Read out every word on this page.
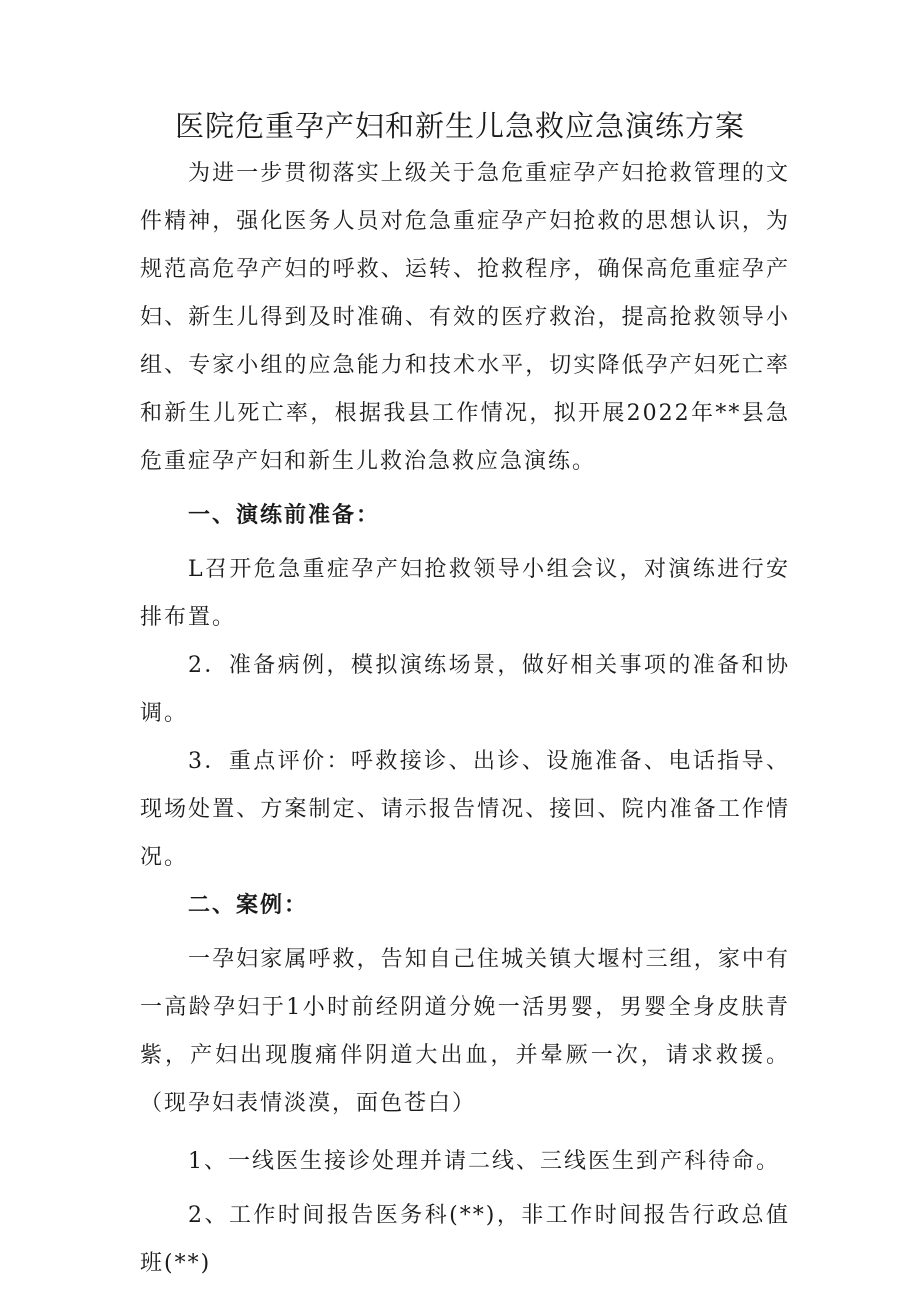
医院危重孕产妇和新生儿急救应急演练方案

为进一步贯彻落实上级关于急危重症孕产妇抢救管理的文件精神，强化医务人员对危急重症孕产妇抢救的思想认识，为规范高危孕产妇的呼救、运转、抢救程序，确保高危重症孕产妇、新生儿得到及时准确、有效的医疗救治，提高抢救领导小组、专家小组的应急能力和技术水平，切实降低孕产妇死亡率和新生儿死亡率，根据我县工作情况，拟开展2022年**县急危重症孕产妇和新生儿救治急救应急演练。

一、演练前准备：

L召开危急重症孕产妇抢救领导小组会议，对演练进行安排布置。

2．准备病例，模拟演练场景，做好相关事项的准备和协调。

3．重点评价：呼救接诊、出诊、设施准备、电话指导、现场处置、方案制定、请示报告情况、接回、院内准备工作情况。

二、案例：

一孕妇家属呼救，告知自己住城关镇大堰村三组，家中有一高龄孕妇于1小时前经阴道分娩一活男婴，男婴全身皮肤青紫，产妇出现腹痛伴阴道大出血，并晕厥一次，请求救援。（现孕妇表情淡漠，面色苍白）

1、一线医生接诊处理并请二线、三线医生到产科待命。

2、工作时间报告医务科(**)，非工作时间报告行政总值班(**)
